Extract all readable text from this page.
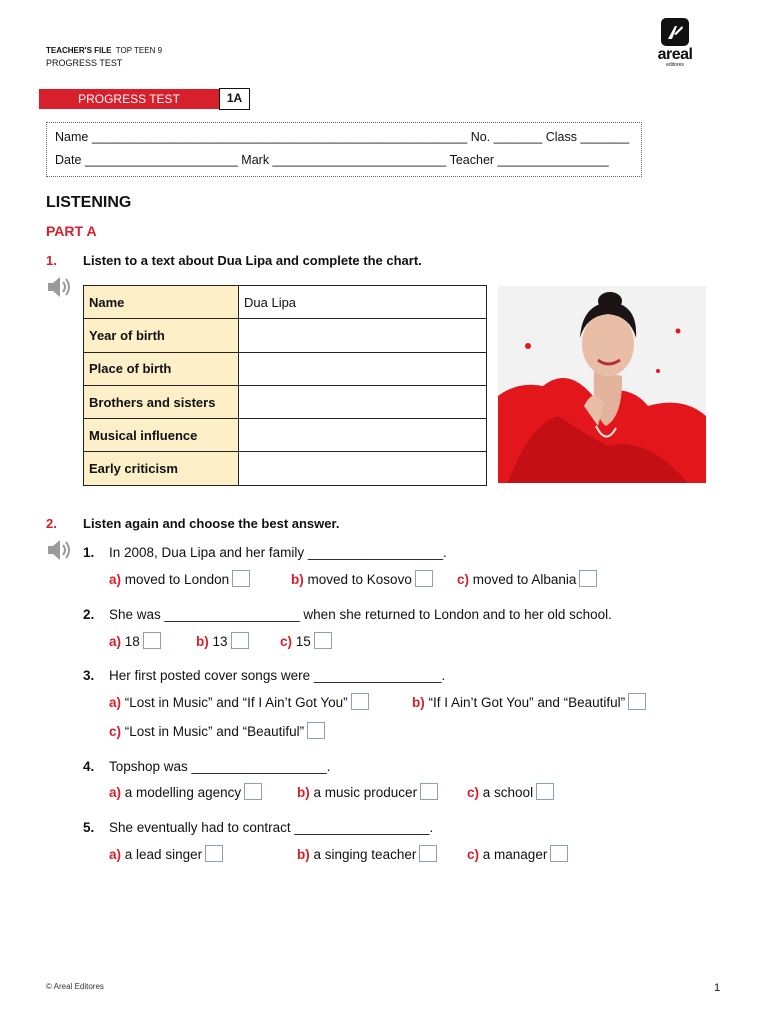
TEACHER'S FILE TOP TEEN 9
PROGRESS TEST	areal
editores
PROGRESS TEST	1A
Name ______________________________________________________ No. _______ Class _______
Date ______________________ Mark _________________________ Teacher ________________
LISTENING
PART A
1. Listen to a text about Dua Lipa and complete the chart.
Name	Dua Lipa
Year of birth	
Place of birth	
Brothers and sisters	
Musical influence	
Early criticism	
2. Listen again and choose the best answer.
1. In 2008, Dua Lipa and her family __________________.
a) moved to London	b) moved to Kosovo	c) moved to Albania
2. She was __________________ when she returned to London and to her old school.
a) 18	b) 13	c) 15
3. Her first posted cover songs were _________________.
a) “Lost in Music” and “If I Ain’t Got You”	b) “If I Ain’t Got You” and “Beautiful”
c) “Lost in Music” and “Beautiful”
4. Topshop was __________________.
a) a modelling agency	b) a music producer	c) a school
5. She eventually had to contract __________________.
a) a lead singer	b) a singing teacher	c) a manager
© Areal Editores	1
